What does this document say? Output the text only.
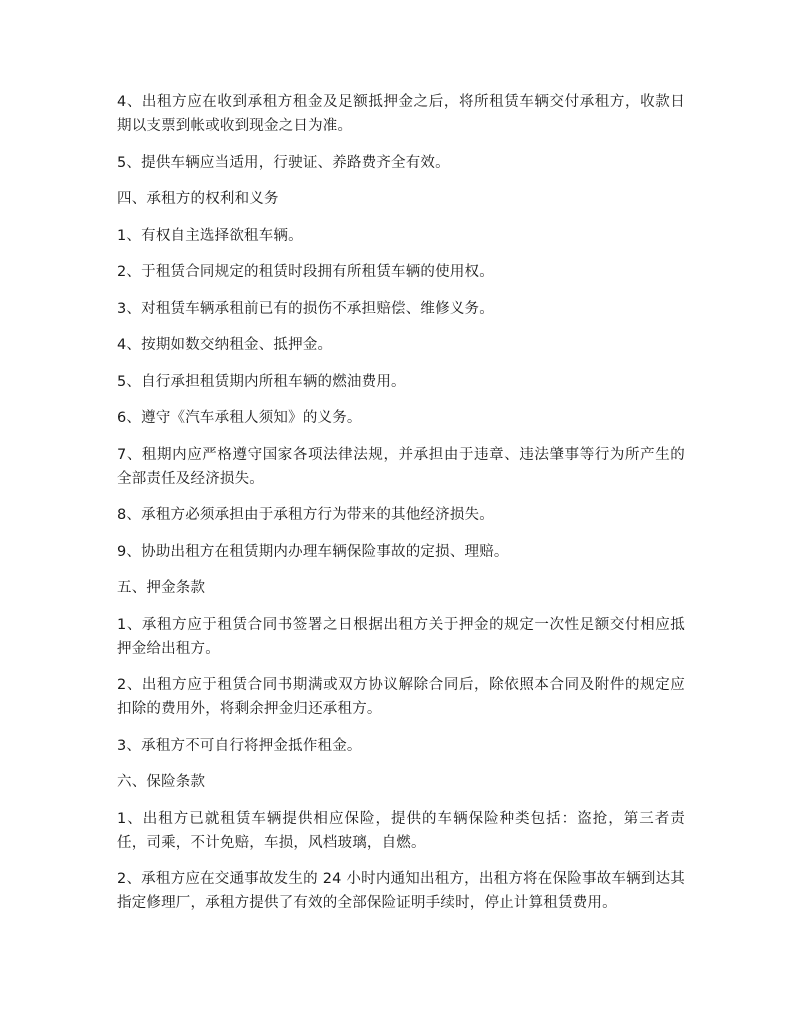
4、出租方应在收到承租方租金及足额抵押金之后，将所租赁车辆交付承租方，收款日期以支票到帐或收到现金之日为准。

5、提供车辆应当适用，行驶证、养路费齐全有效。

四、承租方的权利和义务

1、有权自主选择欲租车辆。

2、于租赁合同规定的租赁时段拥有所租赁车辆的使用权。

3、对租赁车辆承租前已有的损伤不承担赔偿、维修义务。

4、按期如数交纳租金、抵押金。

5、自行承担租赁期内所租车辆的燃油费用。

6、遵守《汽车承租人须知》的义务。

7、租期内应严格遵守国家各项法律法规，并承担由于违章、违法肇事等行为所产生的全部责任及经济损失。

8、承租方必须承担由于承租方行为带来的其他经济损失。

9、协助出租方在租赁期内办理车辆保险事故的定损、理赔。

五、押金条款

1、承租方应于租赁合同书签署之日根据出租方关于押金的规定一次性足额交付相应抵押金给出租方。

2、出租方应于租赁合同书期满或双方协议解除合同后，除依照本合同及附件的规定应扣除的费用外，将剩余押金归还承租方。

3、承租方不可自行将押金抵作租金。

六、保险条款

1、出租方已就租赁车辆提供相应保险，提供的车辆保险种类包括：盗抢，第三者责任，司乘，不计免赔，车损，风档玻璃，自燃。

2、承租方应在交通事故发生的 24 小时内通知出租方，出租方将在保险事故车辆到达其指定修理厂，承租方提供了有效的全部保险证明手续时，停止计算租赁费用。
